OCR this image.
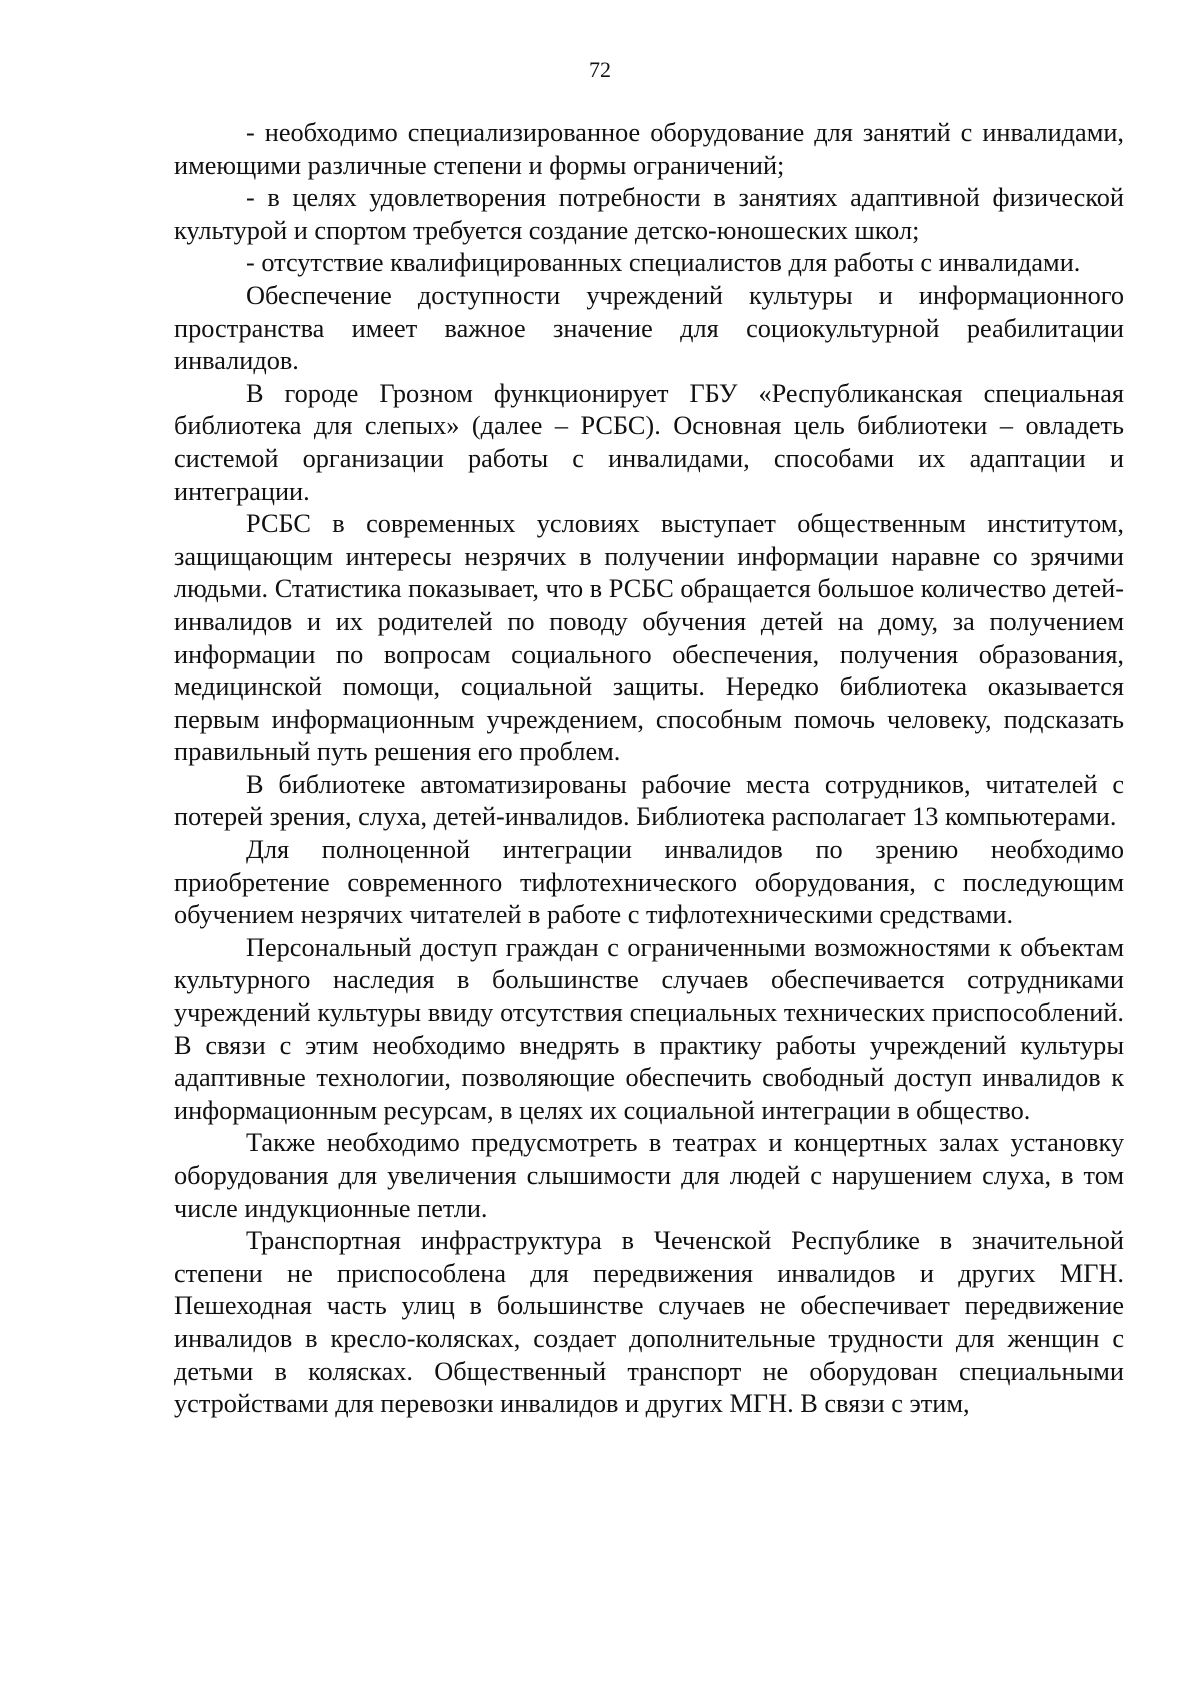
72

- необходимо специализированное оборудование для занятий с инвалидами, имеющими различные степени и формы ограничений;

- в целях удовлетворения потребности в занятиях адаптивной физической культурой и спортом требуется создание детско-юношеских школ;

- отсутствие квалифицированных специалистов для работы с инвалидами.

Обеспечение доступности учреждений культуры и информационного пространства имеет важное значение для социокультурной реабилитации инвалидов.

В городе Грозном функционирует ГБУ «Республиканская специальная библиотека для слепых» (далее – РСБС). Основная цель библиотеки – овладеть системой организации работы с инвалидами, способами их адаптации и интеграции.

РСБС в современных условиях выступает общественным институтом, защищающим интересы незрячих в получении информации наравне со зрячими людьми. Статистика показывает, что в РСБС обращается большое количество детей-инвалидов и их родителей по поводу обучения детей на дому, за получением информации по вопросам социального обеспечения, получения образования, медицинской помощи, социальной защиты. Нередко библиотека оказывается первым информационным учреждением, способным помочь человеку, подсказать правильный путь решения его проблем.

В библиотеке автоматизированы рабочие места сотрудников, читателей с потерей зрения, слуха, детей-инвалидов. Библиотека располагает 13 компьютерами.

Для полноценной интеграции инвалидов по зрению необходимо приобретение современного тифлотехнического оборудования, с последующим обучением незрячих читателей в работе с тифлотехническими средствами.

Персональный доступ граждан с ограниченными возможностями к объектам культурного наследия в большинстве случаев обеспечивается сотрудниками учреждений культуры ввиду отсутствия специальных технических приспособлений. В связи с этим необходимо внедрять в практику работы учреждений культуры адаптивные технологии, позволяющие обеспечить свободный доступ инвалидов к информационным ресурсам, в целях их социальной интеграции в общество.

Также необходимо предусмотреть в театрах и концертных залах установку оборудования для увеличения слышимости для людей с нарушением слуха, в том числе индукционные петли.

Транспортная инфраструктура в Чеченской Республике в значительной степени не приспособлена для передвижения инвалидов и других МГН. Пешеходная часть улиц в большинстве случаев не обеспечивает передвижение инвалидов в кресло-колясках, создает дополнительные трудности для женщин с детьми в колясках. Общественный транспорт не оборудован специальными устройствами для перевозки инвалидов и других МГН. В связи с этим,
